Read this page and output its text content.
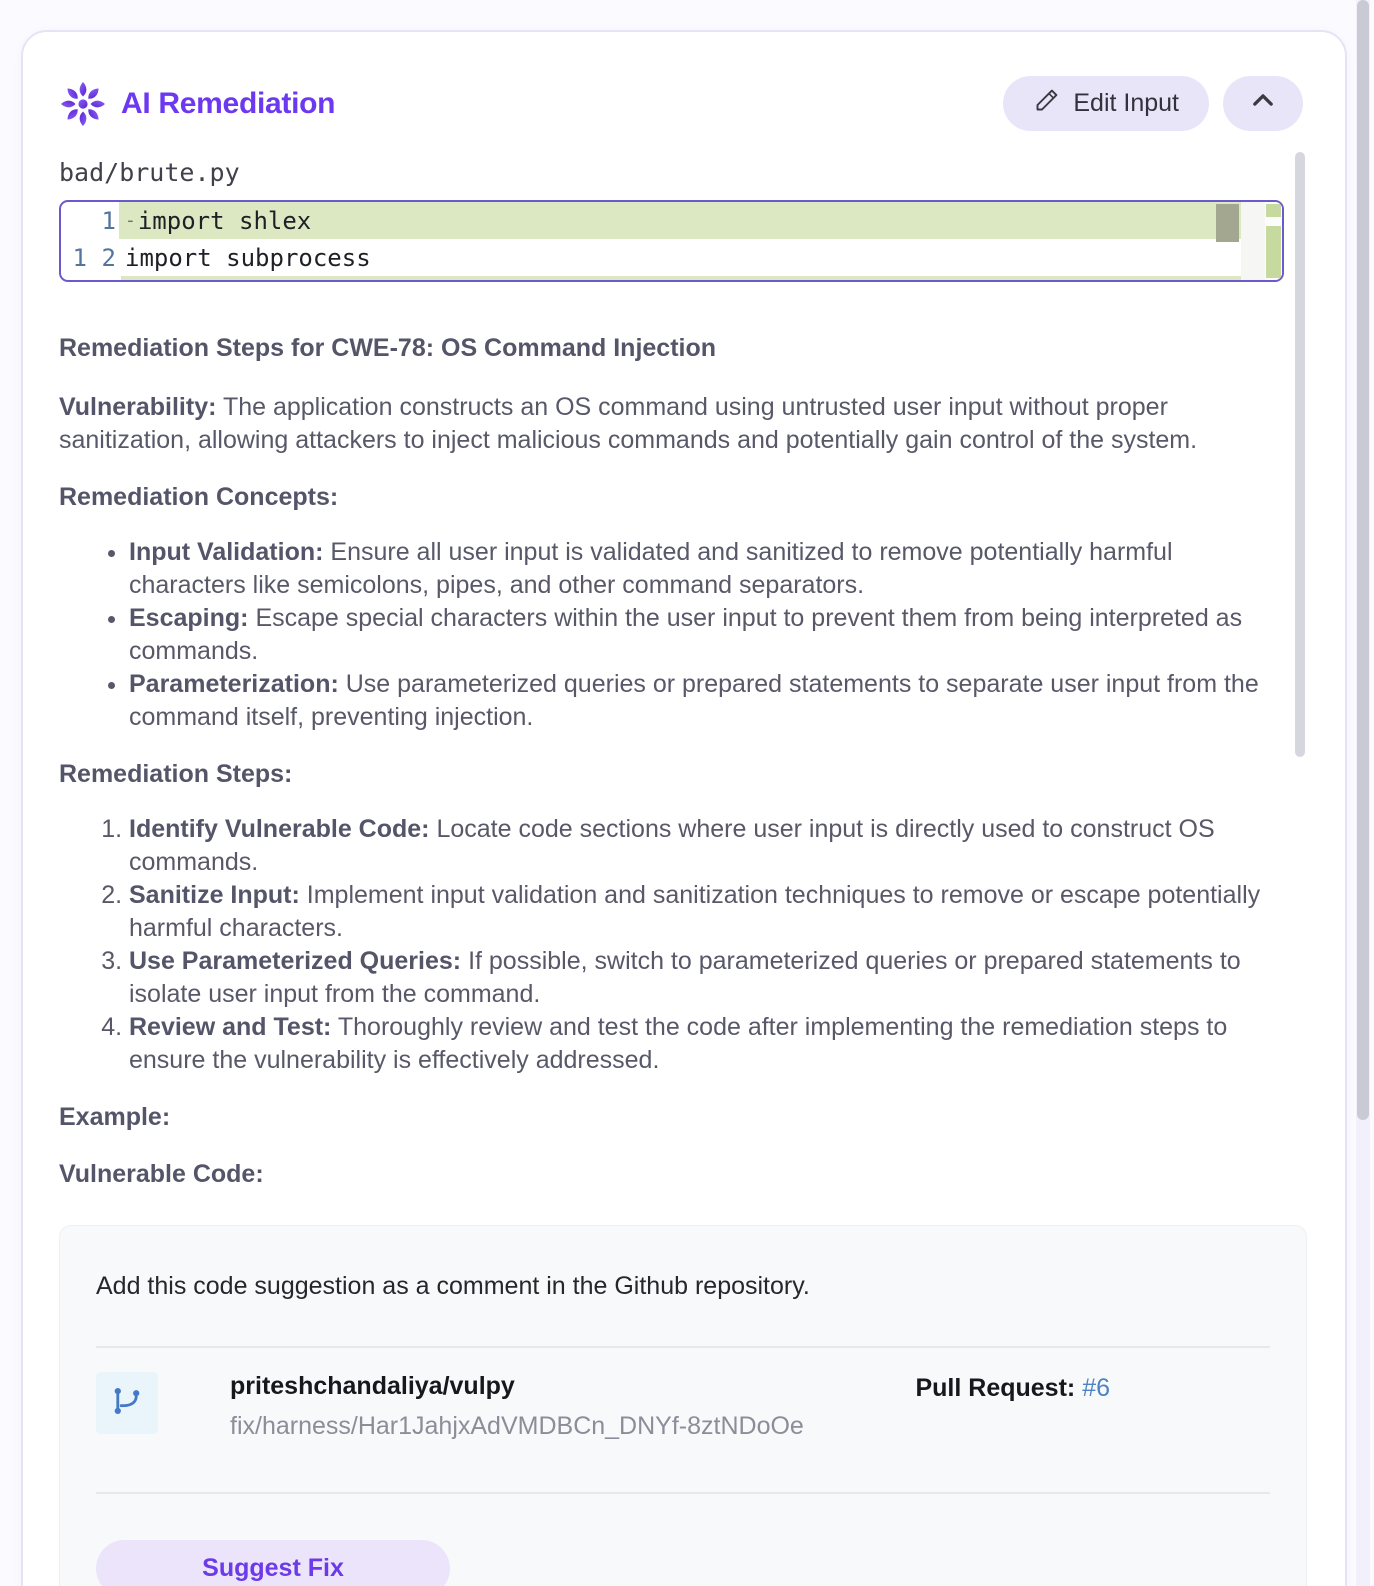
AI Remediation	Edit Input
bad/brute.py
1 - import shlex
1 2 import subprocess
Remediation Steps for CWE-78: OS Command Injection

Vulnerability: The application constructs an OS command using untrusted user input without proper sanitization, allowing attackers to inject malicious commands and potentially gain control of the system.

Remediation Concepts:
• Input Validation: Ensure all user input is validated and sanitized to remove potentially harmful characters like semicolons, pipes, and other command separators.
• Escaping: Escape special characters within the user input to prevent them from being interpreted as commands.
• Parameterization: Use parameterized queries or prepared statements to separate user input from the command itself, preventing injection.
Remediation Steps:
1. Identify Vulnerable Code: Locate code sections where user input is directly used to construct OS commands.
2. Sanitize Input: Implement input validation and sanitization techniques to remove or escape potentially harmful characters.
3. Use Parameterized Queries: If possible, switch to parameterized queries or prepared statements to isolate user input from the command.
4. Review and Test: Thoroughly review and test the code after implementing the remediation steps to ensure the vulnerability is effectively addressed.
Example:
Vulnerable Code:

Add this code suggestion as a comment in the Github repository.

priteshchandaliya/vulpy
fix/harness/Har1JahjxAdVMDBCn_DNYf-8ztNDoOe
Pull Request: #6
Suggest Fix
